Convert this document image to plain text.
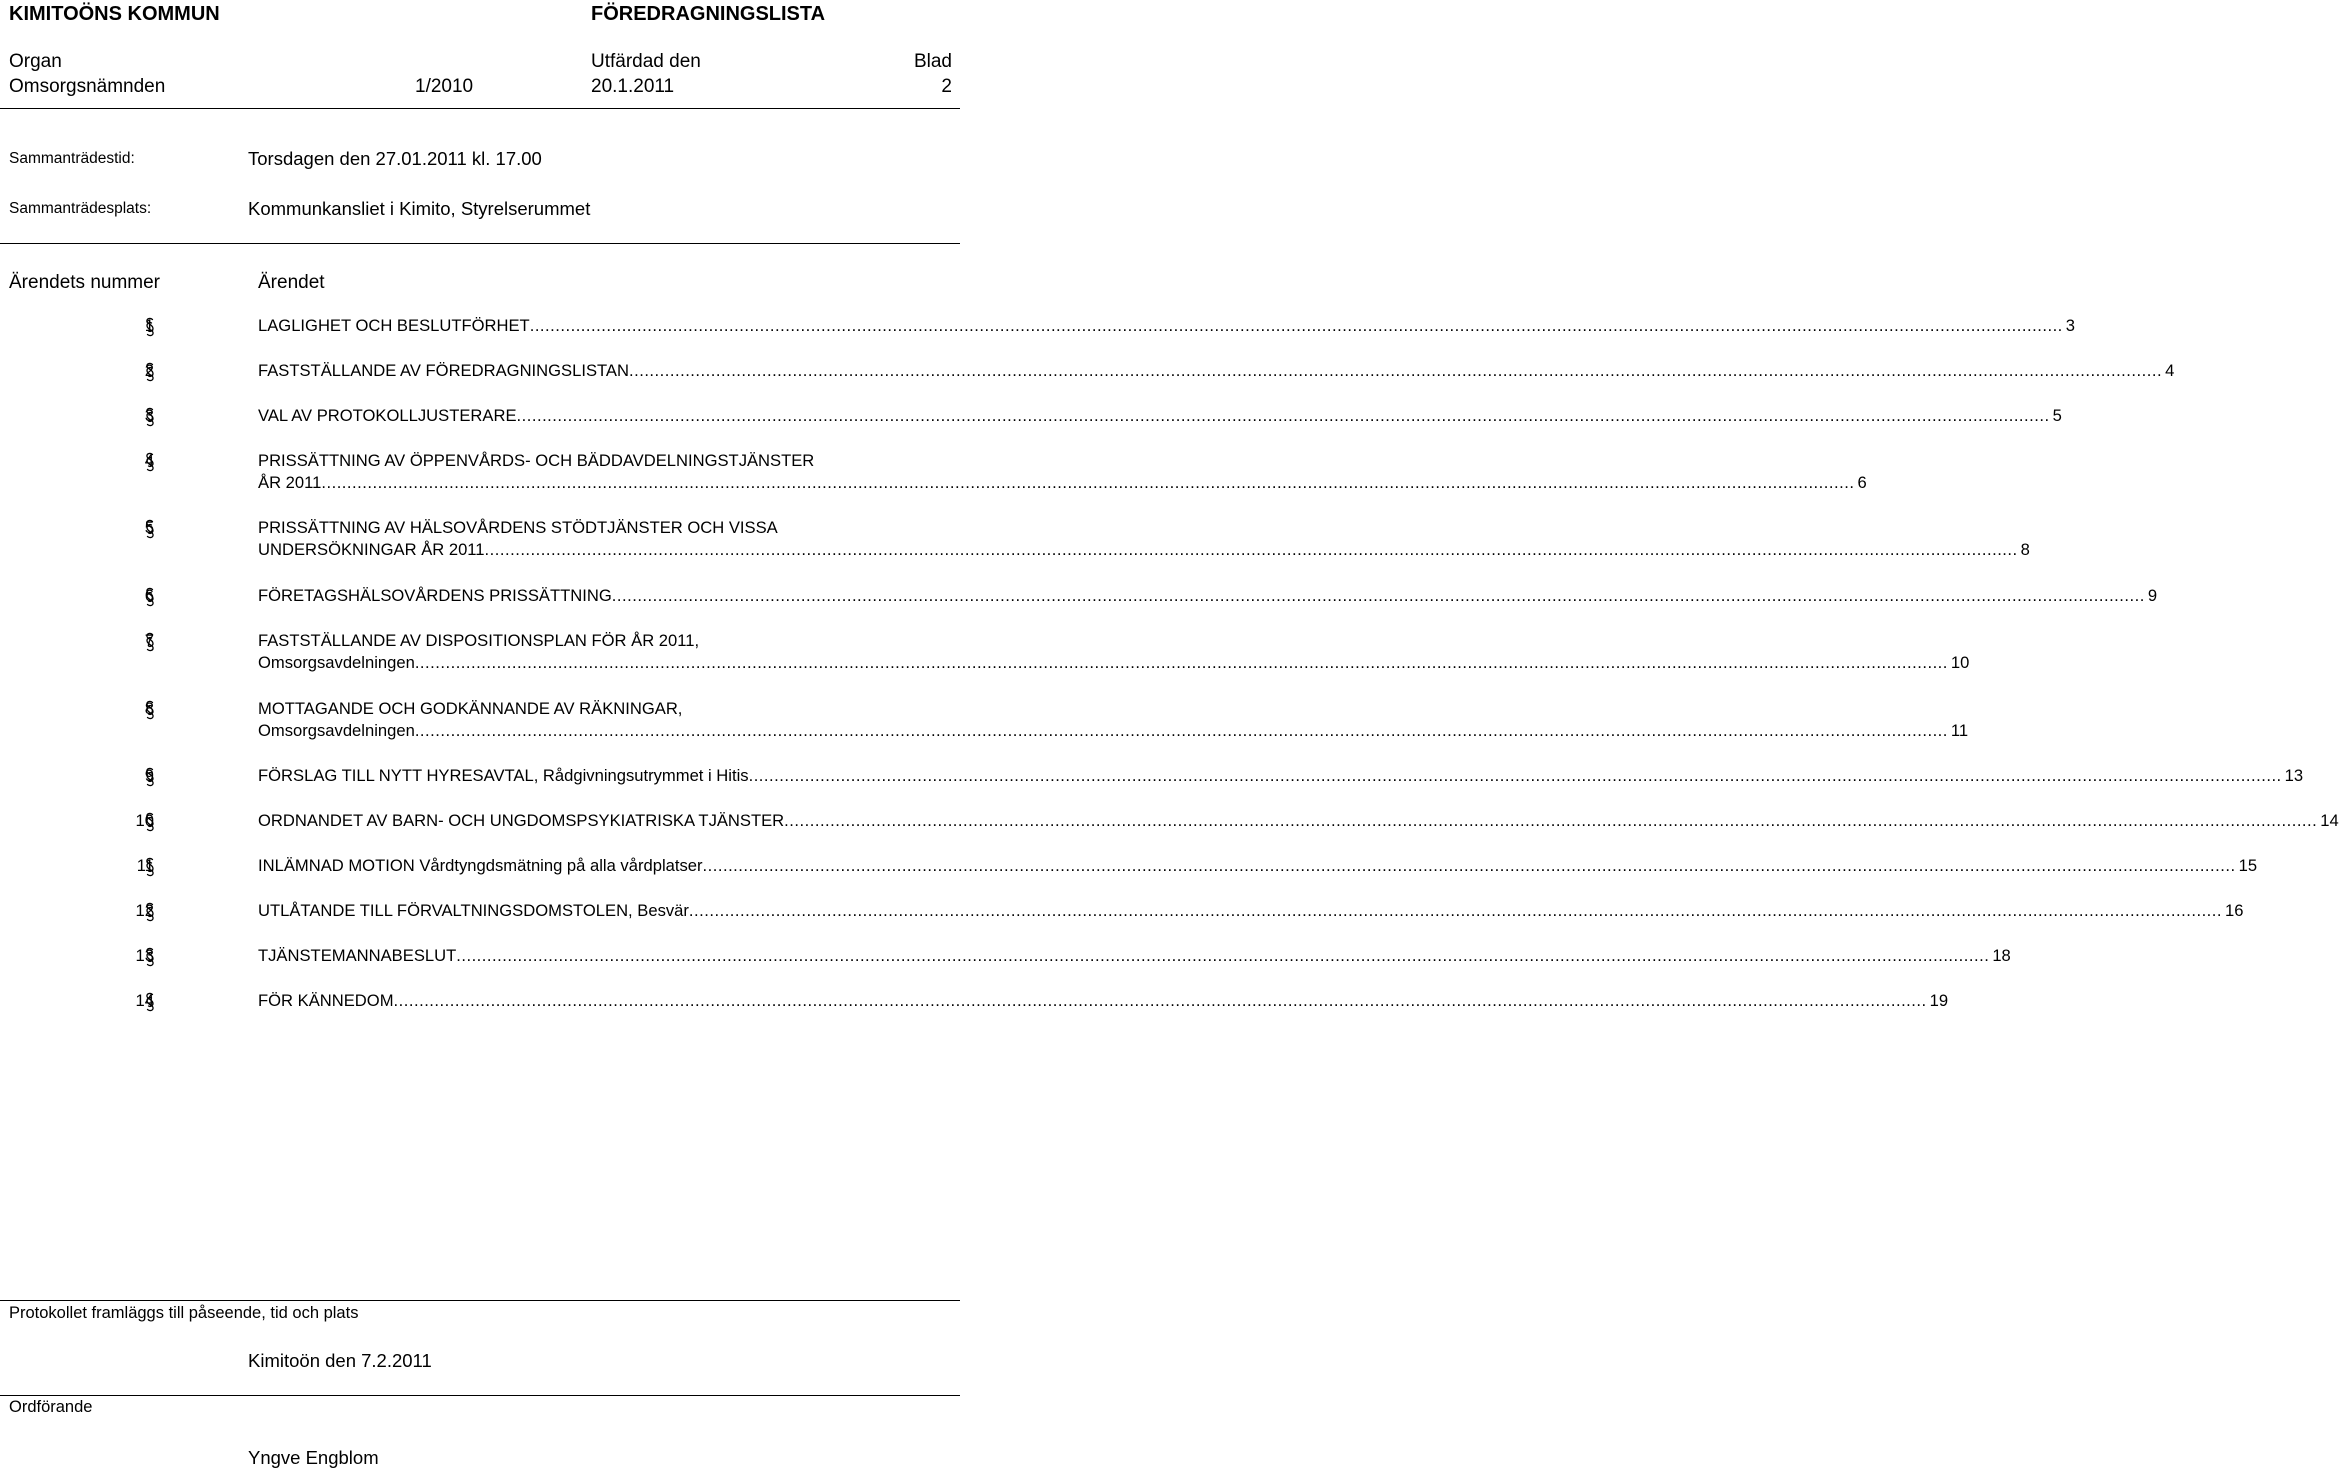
KIMITOÖNS KOMMUN	FÖREDRAGNINGSLISTA
Organ	Utfärdad den	Blad
Omsorgsnämnden	1/2010	20.1.2011	2
Sammanträdestid:	Torsdagen den 27.01.2011 kl. 17.00
Sammanträdesplats:	Kommunkansliet i Kimito, Styrelserummet
Ärendets nummer	Ärendet
1	LAGLIGHET OCH BESLUTFÖRHET ............................................................................................................................................................................................................................................................................................................ 3
2	FASTSTÄLLANDE AV FÖREDRAGNINGSLISTAN ............................................................................................................................................................................................................................................................................................................ 4
3	VAL AV PROTOKOLLJUSTERARE ............................................................................................................................................................................................................................................................................................................ 5
4	PRISSÄTTNING AV ÖPPENVÅRDS- OCH BÄDDAVDELNINGSTJÄNSTER
ÅR 2011 ............................................................................................................................................................................................................................................................................................................ 6
5	PRISSÄTTNING AV HÄLSOVÅRDENS STÖDTJÄNSTER OCH VISSA
UNDERSÖKNINGAR ÅR 2011 ............................................................................................................................................................................................................................................................................................................ 8
6	FÖRETAGSHÄLSOVÅRDENS PRISSÄTTNING ............................................................................................................................................................................................................................................................................................................ 9
7	FASTSTÄLLANDE AV DISPOSITIONSPLAN FÖR ÅR 2011,
Omsorgsavdelningen ............................................................................................................................................................................................................................................................................................................ 10
8	MOTTAGANDE OCH GODKÄNNANDE AV RÄKNINGAR,
Omsorgsavdelningen ............................................................................................................................................................................................................................................................................................................ 11
9	FÖRSLAG TILL NYTT HYRESAVTAL, Rådgivningsutrymmet i Hitis ............................................................................................................................................................................................................................................................................................................ 13
10	ORDNANDET AV BARN- OCH UNGDOMSPSYKIATRISKA TJÄNSTER ............................................................................................................................................................................................................................................................................................................ 14
11	INLÄMNAD MOTION Vårdtyngdsmätning på alla vårdplatser ............................................................................................................................................................................................................................................................................................................ 15
12	UTLÅTANDE TILL FÖRVALTNINGSDOMSTOLEN, Besvär ............................................................................................................................................................................................................................................................................................................ 16
13	TJÄNSTEMANNABESLUT ............................................................................................................................................................................................................................................................................................................ 18
14	FÖR KÄNNEDOM ............................................................................................................................................................................................................................................................................................................ 19
Protokollet framläggs till påseende, tid och plats
Kimitoön den 7.2.2011
Ordförande
Yngve Engblom
